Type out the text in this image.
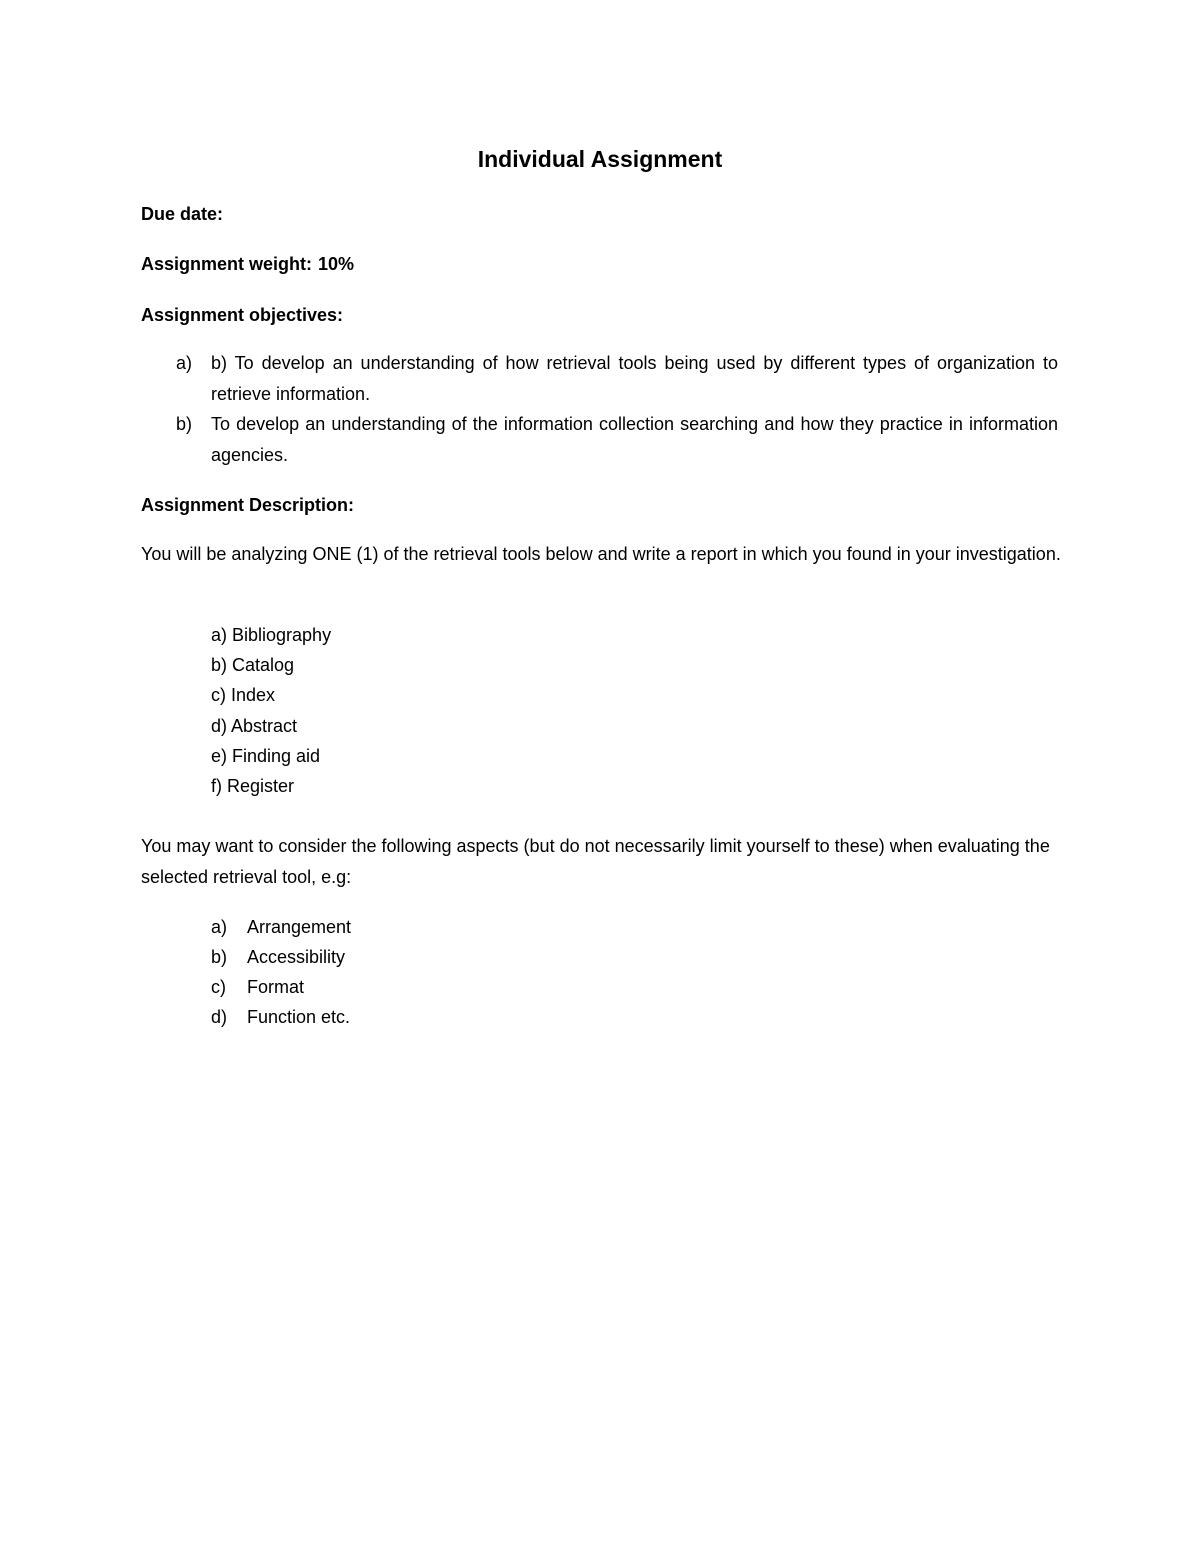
Individual Assignment
Due date:
Assignment weight: 10%
Assignment objectives:
a) b) To develop an understanding of how retrieval tools being used by different types of organization to retrieve information.
b) To develop an understanding of the information collection searching and how they practice in information agencies.
Assignment Description:
You will be analyzing ONE (1) of the retrieval tools below and write a report in which you found in your investigation.
a) Bibliography
b) Catalog
c) Index
d) Abstract
e) Finding aid
f) Register
You may want to consider the following aspects (but do not necessarily limit yourself to these) when evaluating the selected retrieval tool, e.g:
a) Arrangement
b) Accessibility
c) Format
d) Function etc.
